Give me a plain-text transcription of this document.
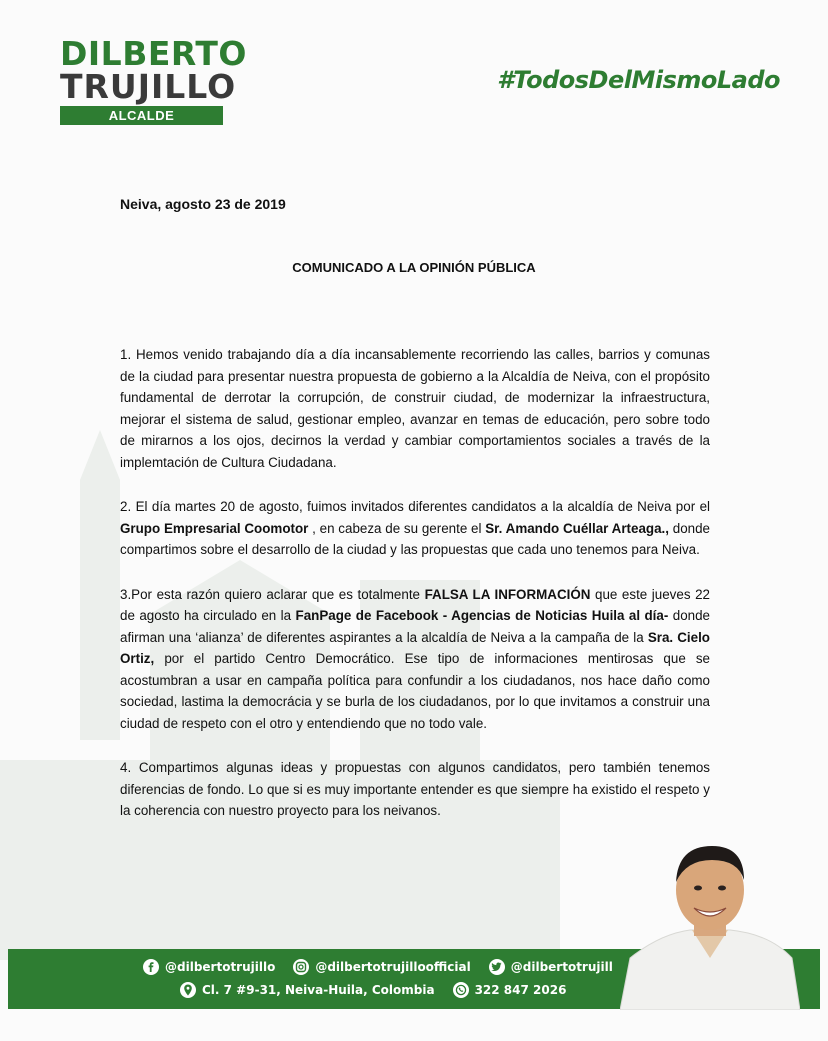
DILBERTO
TRUJILLO
ALCALDE
#TodosDelMismoLado
Neiva, agosto 23 de 2019
COMUNICADO A LA OPINIÓN PÚBLICA

1. Hemos venido trabajando día a día incansablemente recorriendo las calles, barrios y comunas de la ciudad para presentar nuestra propuesta de gobierno a la Alcaldía de Neiva, con el propósito fundamental de derrotar la corrupción, de construir ciudad, de modernizar la infraestructura, mejorar el sistema de salud, gestionar empleo, avanzar en temas de educación, pero sobre todo de mirarnos a los ojos, decirnos la verdad y cambiar comportamientos sociales a través de la implemtación de Cultura Ciudadana.

2. El día martes 20 de agosto, fuimos invitados diferentes candidatos a la alcaldía de Neiva por el Grupo Empresarial Coomotor , en cabeza de su gerente el Sr. Amando Cuéllar Arteaga., donde compartimos sobre el desarrollo de la ciudad y las propuestas que cada uno tenemos para Neiva.

3.Por esta razón quiero aclarar que es totalmente FALSA LA INFORMACIÓN que este jueves 22 de agosto ha circulado en la FanPage de Facebook - Agencias de Noticias Huila al día- donde afirman una ‘alianza’ de diferentes aspirantes a la alcaldía de Neiva a la campaña de la Sra. Cielo Ortiz, por el partido Centro Democrático. Ese tipo de informaciones mentirosas que se acostumbran a usar en campaña política para confundir a los ciudadanos, nos hace daño como sociedad, lastima la democrácia y se burla de los ciudadanos, por lo que invitamos a construir una ciudad de respeto con el otro y entendiendo que no todo vale.

4. Compartimos algunas ideas y propuestas con algunos candidatos, pero también tenemos diferencias de fondo. Lo que si es muy importante entender es que siempre ha existido el respeto y la coherencia con nuestro proyecto para los neivanos.

@dilbertotrujillo	@dilbertotrujilloofficial	@dilbertotrujill
Cl. 7 #9-31, Neiva-Huila, Colombia	322 847 2026
